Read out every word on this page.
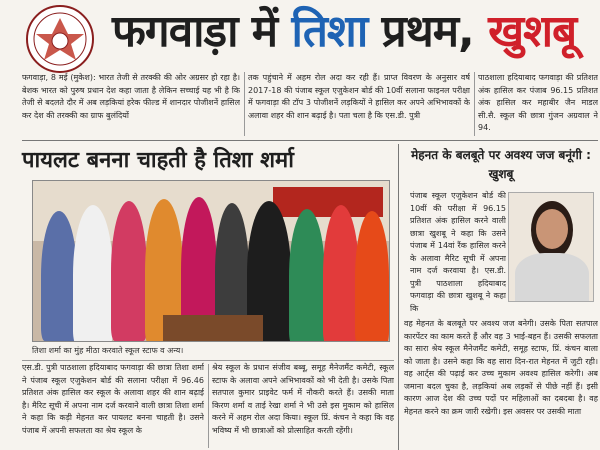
फगवाड़ा में तिशा प्रथम, खुशबू

फगवाड़ा, 8 मई (मुकेश): भारत तेजी से तरक्की की ओर अग्रसर हो रहा है। बेशक भारत को पुरुष प्रधान देश कहा जाता है लेकिन सच्चाई यह भी है कि तेजी से बदलते दौर में अब लड़कियां हरेक फील्ड में शानदार पोजीशनें हासिल कर देश की तरक्की का ग्राफ बुलंदियों

तक पहुंचाने में अहम रोल अदा कर रही हैं। प्राप्त विवरण के अनुसार वर्ष 2017-18 की पंजाब स्कूल एजुकेशन बोर्ड की 10वीं सलाना फाइनल परीक्षा में फगवाड़ा की टॉप 3 पोजीशनें लड़कियों ने हासिल कर अपने अभिभावकों के अलावा शहर की शान बढ़ाई है। पता चला है कि एस.डी. पुत्री

पाठशाला हदियाबाद फगवाड़ा की प्रतिशत अंक हासिल कर पंजाब 96.15 प्रतिशत अंक हासिल कर महाबीर जैन माडल सी.सै. स्कूल की छात्रा गुंजन अग्रवाल ने 94.

पायलट बनना चाहती है तिशा शर्मा
तिशा शर्मा का मुंह मीठा करवाते स्कूल स्टाफ व अन्य।

एस.डी. पुत्री पाठशाला हदियाबाद फगवाड़ा की छात्रा तिशा शर्मा ने पंजाब स्कूल एजुकेशन बोर्ड की सलाना परीक्षा में 96.46 प्रतिशत अंक हासिल कर स्कूल के अलावा शहर की शान बढ़ाई है। मैरिट सूची में अपना नाम दर्ज करवाने वाली छात्रा तिशा शर्मा ने कहा कि कड़ी मेहनत कर पायलट बनना चाहती है। उसने पंजाब में अपनी सफलता का श्रेय स्कूल के

श्रेय स्कूल के प्रधान संजीव बब्बू, समूह मैनेजमैंट कमेटी, स्कूल स्टाफ के अलावा अपने अभिभावकों को भी देती है। उसके पिता सतपाल कुमार प्राइवेट फर्म में नौकरी करते हैं। उसकी माता किरण शर्मा व ताई रेखा शर्मा ने भी उसे इस मुकाम को हासिल करने में अहम रोल अदा किया। स्कूल प्रिं. कंचन ने कहा कि वह भविष्य में भी छात्राओं को प्रोत्साहित करती रहेंगी।

मेहनत के बलबूते पर अवश्य जज बनूंगी : खुशबू

पंजाब स्कूल एजुकेशन बोर्ड की 10वीं की परीक्षा में 96.15 प्रतिशत अंक हासिल करने वाली छात्रा खुशबू ने कहा कि उसने पंजाब में 14वां रैंक हासिल करने के अलावा मैरिट सूची में अपना नाम दर्ज करवाया है। एस.डी. पुत्री पाठशाला हदियाबाद फगवाड़ा की छात्रा खुशबू ने कहा कि

वह मेहनत के बलबूते पर अवश्य जज बनेगी। उसके पिता सतपाल कारपेंटर का काम करते हैं और वह 3 भाई-बहन हैं। उसकी सफलता का सारा श्रेय स्कूल मैनेजमैंट कमेटी, समूह स्टाफ, प्रिं. कंचन बाला को जाता है। उसने कहा कि वह सारा दिन-रात मेहनत में जुटी रही। वह आर्ट्स की पढ़ाई कर उच्च मुकाम अवश्य हासिल करेगी। अब जमाना बदल चुका है, लड़कियां अब लड़कों से पीछे नहीं हैं। इसी कारण आज देश की उच्च पदों पर महिलाओं का दबदबा है। वह मेहनत करने का क्रम जारी रखेगी। इस अवसर पर उसकी माता
